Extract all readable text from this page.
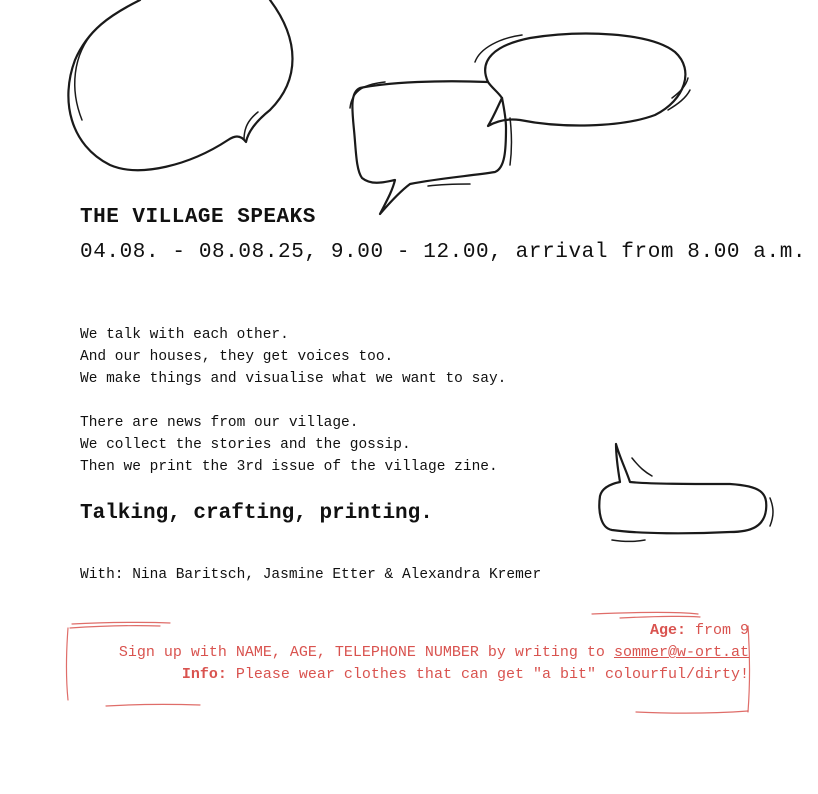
THE VILLAGE SPEAKS

04.08. - 08.08.25, 9.00 - 12.00, arrival from 8.00 a.m.

We talk with each other.
And our houses, they get voices too.
We make things and visualise what we want to say.
There are news from our village.
We collect the stories and the gossip.
Then we print the 3rd issue of the village zine.

Talking, crafting, printing.

With: Nina Baritsch, Jasmine Etter & Alexandra Kremer

Age: from 9
Sign up with NAME, AGE, TELEPHONE NUMBER by writing to sommer@w-ort.at
Info: Please wear clothes that can get "a bit" colourful/dirty!
